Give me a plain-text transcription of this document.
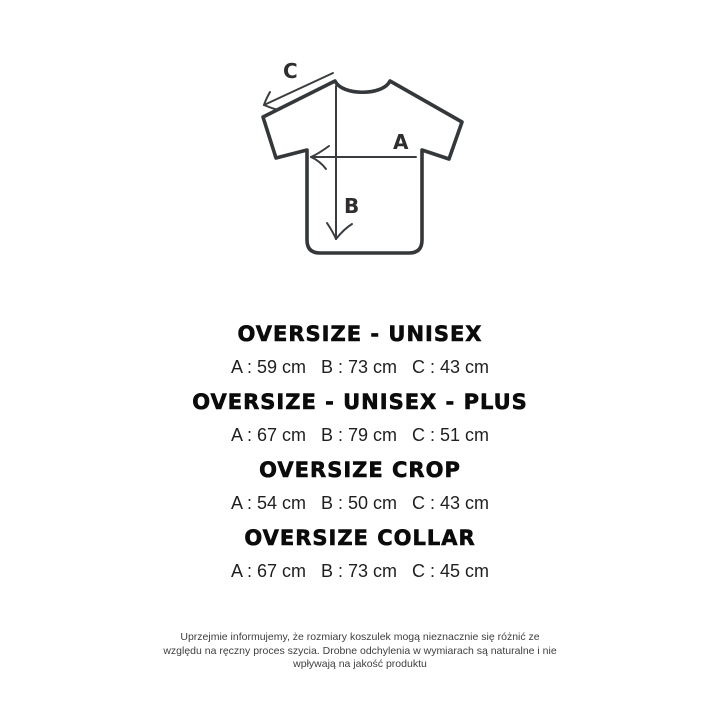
A
B
C
OVERSIZE - UNISEX

A : 59 cm   B : 73 cm   C : 43 cm

OVERSIZE - UNISEX - PLUS

A : 67 cm   B : 79 cm   C : 51 cm

OVERSIZE CROP

A : 54 cm   B : 50 cm   C : 43 cm

OVERSIZE COLLAR

A : 67 cm   B : 73 cm   C : 45 cm

Uprzejmie informujemy, że rozmiary koszulek mogą nieznacznie się różnić ze względu na ręczny proces szycia. Drobne odchylenia w wymiarach są naturalne i nie wpływają na jakość produktu
